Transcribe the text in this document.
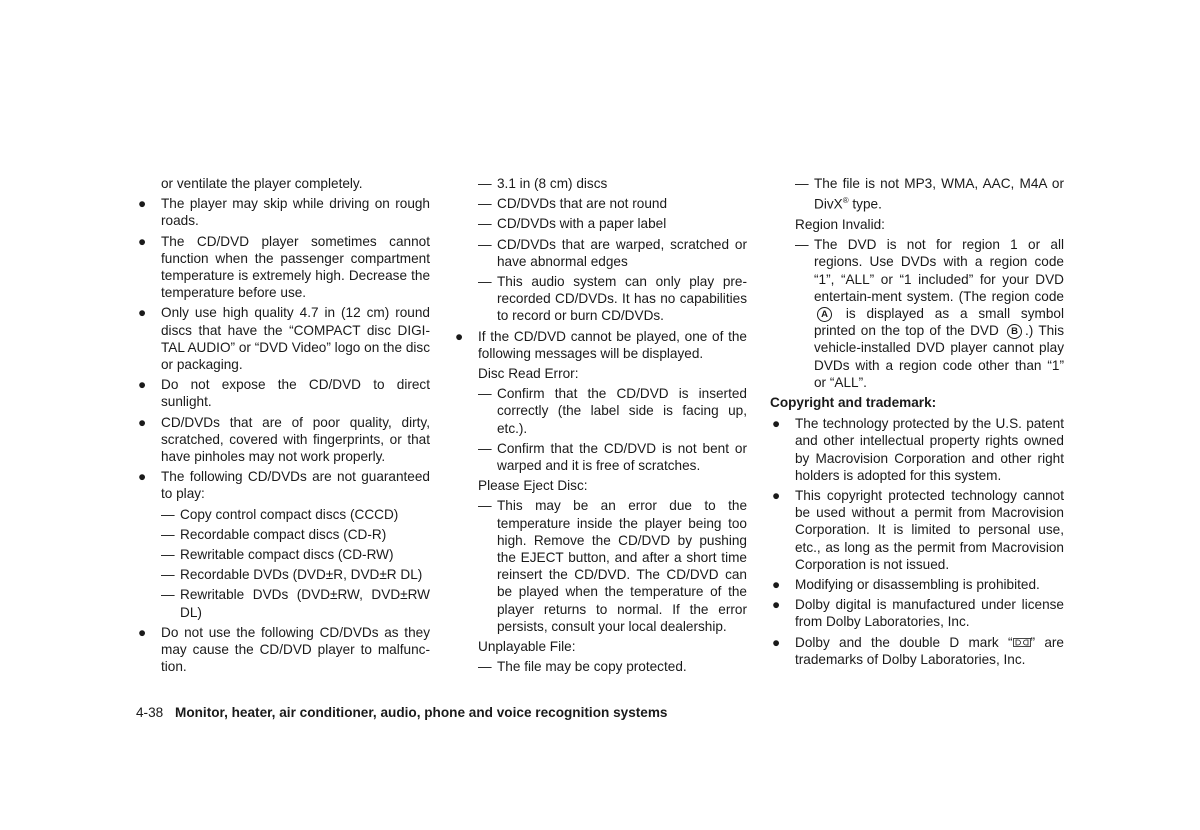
or ventilate the player completely.

● The player may skip while driving on rough roads.
● The CD/DVD player sometimes cannot function when the passenger compartment temperature is extremely high. Decrease the temperature before use.
● Only use high quality 4.7 in (12 cm) round discs that have the “COMPACT disc DIGI-TAL AUDIO” or “DVD Video” logo on the disc or packaging.
● Do not expose the CD/DVD to direct sunlight.
● CD/DVDs that are of poor quality, dirty, scratched, covered with fingerprints, or that have pinholes may not work properly.
● The following CD/DVDs are not guaranteed to play:
— Copy control compact discs (CCCD)
— Recordable compact discs (CD-R)
— Rewritable compact discs (CD-RW)
— Recordable DVDs (DVD±R, DVD±R DL)
— Rewritable DVDs (DVD±RW, DVD±RW DL)
● Do not use the following CD/DVDs as they may cause the CD/DVD player to malfunc-tion.
— 3.1 in (8 cm) discs
— CD/DVDs that are not round
— CD/DVDs with a paper label
— CD/DVDs that are warped, scratched or have abnormal edges
— This audio system can only play pre-recorded CD/DVDs. It has no capabilities to record or burn CD/DVDs.
● If the CD/DVD cannot be played, one of the following messages will be displayed.

Disc Read Error:

— Confirm that the CD/DVD is inserted correctly (the label side is facing up, etc.).
— Confirm that the CD/DVD is not bent or warped and it is free of scratches.

Please Eject Disc:

— This may be an error due to the temperature inside the player being too high. Remove the CD/DVD by pushing the EJECT button, and after a short time reinsert the CD/DVD. The CD/DVD can be played when the temperature of the player returns to normal. If the error persists, consult your local dealership.

Unplayable File:

— The file may be copy protected.
— The file is not MP3, WMA, AAC, M4A or DivX® type.

Region Invalid:

— The DVD is not for region 1 or all regions. Use DVDs with a region code “1”, “ALL” or “1 included” for your DVD entertain-ment system. (The region code A is displayed as a small symbol printed on the top of the DVD B .) This vehicle-installed DVD player cannot play DVDs with a region code other than “1” or “ALL”.

Copyright and trademark:

● The technology protected by the U.S. patent and other intellectual property rights owned by Macrovision Corporation and other right holders is adopted for this system.
● This copyright protected technology cannot be used without a permit from Macrovision Corporation. It is limited to personal use, etc., as long as the permit from Macrovision Corporation is not issued.
● Modifying or disassembling is prohibited.
● Dolby digital is manufactured under license from Dolby Laboratories, Inc.
● Dolby and the double D mark “ ” are trademarks of Dolby Laboratories, Inc.
4-38 Monitor, heater, air conditioner, audio, phone and voice recognition systems
